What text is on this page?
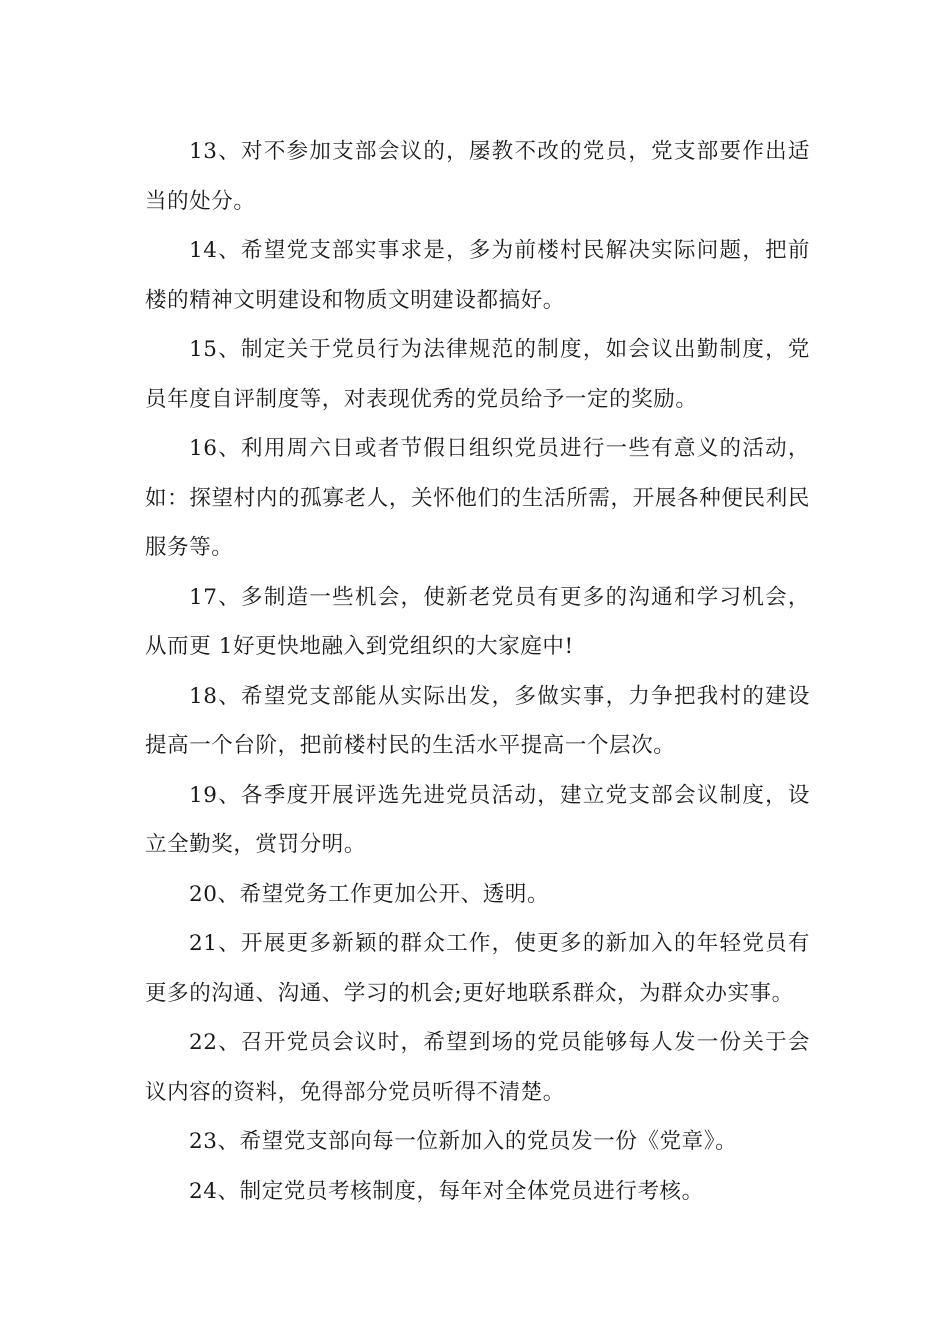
13、对不参加支部会议的，屡教不改的党员，党支部要作出适当的处分。

14、希望党支部实事求是，多为前楼村民解决实际问题，把前楼的精神文明建设和物质文明建设都搞好。

15、制定关于党员行为法律规范的制度，如会议出勤制度，党员年度自评制度等，对表现优秀的党员给予一定的奖励。

16、利用周六日或者节假日组织党员进行一些有意义的活动，如：探望村内的孤寡老人，关怀他们的生活所需，开展各种便民利民服务等。

17、多制造一些机会，使新老党员有更多的沟通和学习机会，从而更 1好更快地融入到党组织的大家庭中!

18、希望党支部能从实际出发，多做实事，力争把我村的建设提高一个台阶，把前楼村民的生活水平提高一个层次。

19、各季度开展评选先进党员活动，建立党支部会议制度，设立全勤奖，赏罚分明。

20、希望党务工作更加公开、透明。

21、开展更多新颖的群众工作，使更多的新加入的年轻党员有更多的沟通、沟通、学习的机会;更好地联系群众，为群众办实事。

22、召开党员会议时，希望到场的党员能够每人发一份关于会议内容的资料，免得部分党员听得不清楚。

23、希望党支部向每一位新加入的党员发一份《党章》。

24、制定党员考核制度，每年对全体党员进行考核。
